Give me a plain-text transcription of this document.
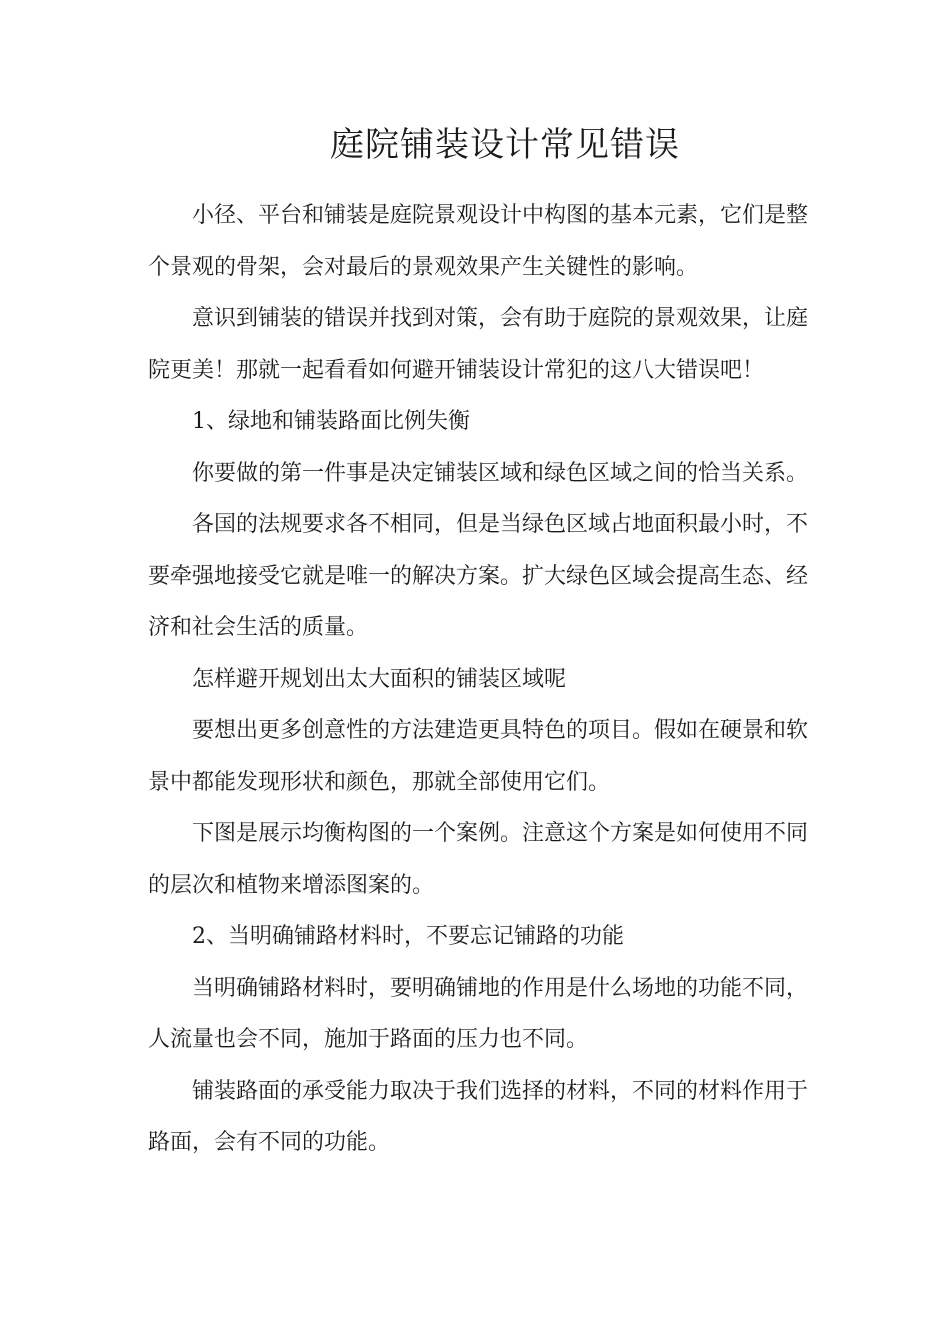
庭院铺装设计常见错误

小径、平台和铺装是庭院景观设计中构图的基本元素，它们是整个景观的骨架，会对最后的景观效果产生关键性的影响。

意识到铺装的错误并找到对策，会有助于庭院的景观效果，让庭院更美！那就一起看看如何避开铺装设计常犯的这八大错误吧！

1、绿地和铺装路面比例失衡

你要做的第一件事是决定铺装区域和绿色区域之间的恰当关系。

各国的法规要求各不相同，但是当绿色区域占地面积最小时，不要牵强地接受它就是唯一的解决方案。扩大绿色区域会提高生态、经济和社会生活的质量。

怎样避开规划出太大面积的铺装区域呢

要想出更多创意性的方法建造更具特色的项目。假如在硬景和软景中都能发现形状和颜色，那就全部使用它们。

下图是展示均衡构图的一个案例。注意这个方案是如何使用不同的层次和植物来增添图案的。

2、当明确铺路材料时，不要忘记铺路的功能

当明确铺路材料时，要明确铺地的作用是什么场地的功能不同，人流量也会不同，施加于路面的压力也不同。

铺装路面的承受能力取决于我们选择的材料，不同的材料作用于路面，会有不同的功能。
